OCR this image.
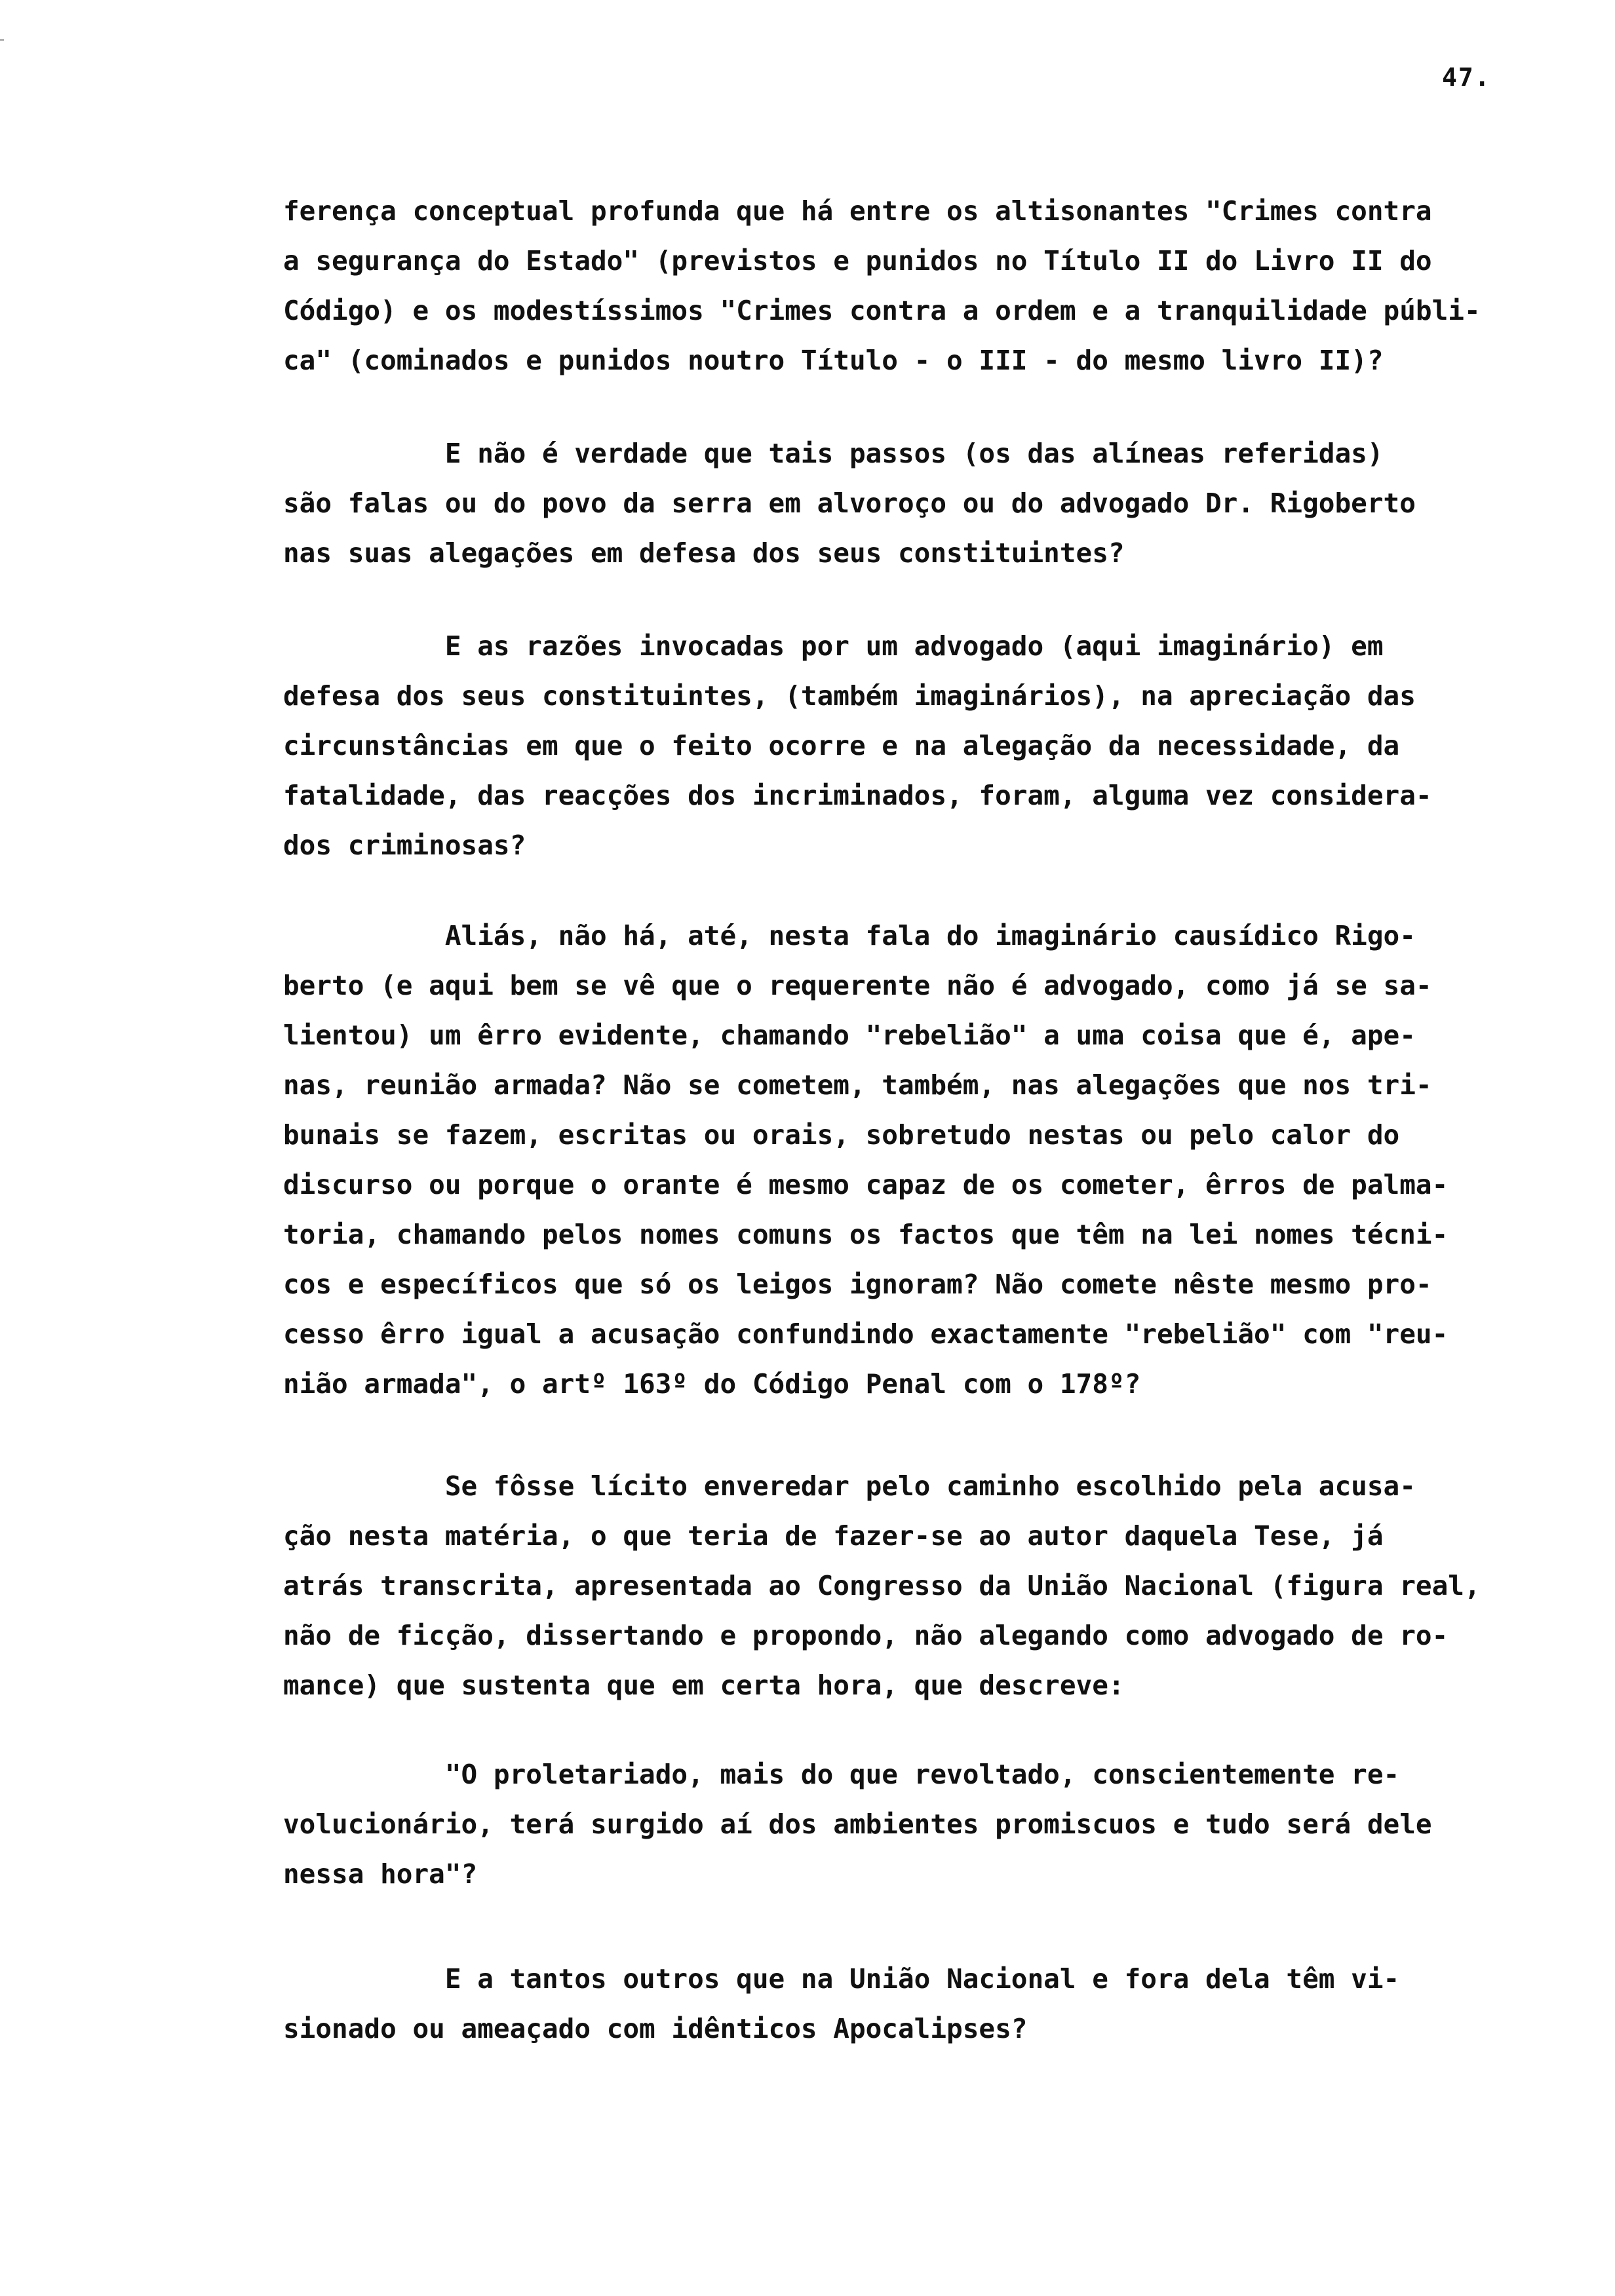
47.

ferença conceptual profunda que há entre os altisonantes "Crimes contra
a segurança do Estado" (previstos e punidos no Título II do Livro II do
Código) e os modestíssimos "Crimes contra a ordem e a tranquilidade públi-
ca" (cominados e punidos noutro Título - o III - do mesmo livro II)?

E não é verdade que tais passos (os das alíneas referidas)
são falas ou do povo da serra em alvoroço ou do advogado Dr. Rigoberto
nas suas alegações em defesa dos seus constituintes?

E as razões invocadas por um advogado (aqui imaginário) em
defesa dos seus constituintes, (também imaginários), na apreciação das
circunstâncias em que o feito ocorre e na alegação da necessidade, da
fatalidade, das reacções dos incriminados, foram, alguma vez considera-
dos criminosas?

Aliás, não há, até, nesta fala do imaginário causídico Rigo-
berto (e aqui bem se vê que o requerente não é advogado, como já se sa-
lientou) um êrro evidente, chamando "rebelião" a uma coisa que é, ape-
nas, reunião armada? Não se cometem, também, nas alegações que nos tri-
bunais se fazem, escritas ou orais, sobretudo nestas ou pelo calor do
discurso ou porque o orante é mesmo capaz de os cometer, êrros de palma-
toria, chamando pelos nomes comuns os factos que têm na lei nomes técni-
cos e específicos que só os leigos ignoram? Não comete nêste mesmo pro-
cesso êrro igual a acusação confundindo exactamente "rebelião" com "reu-
nião armada", o artº 163º do Código Penal com o 178º?

Se fôsse lícito enveredar pelo caminho escolhido pela acusa-
ção nesta matéria, o que teria de fazer-se ao autor daquela Tese, já
atrás transcrita, apresentada ao Congresso da União Nacional (figura real,
não de ficção, dissertando e propondo, não alegando como advogado de ro-
mance) que sustenta que em certa hora, que descreve:

"O proletariado, mais do que revoltado, conscientemente re-
volucionário, terá surgido aí dos ambientes promiscuos e tudo será dele
nessa hora"?

E a tantos outros que na União Nacional e fora dela têm vi-
sionado ou ameaçado com idênticos Apocalipses?
